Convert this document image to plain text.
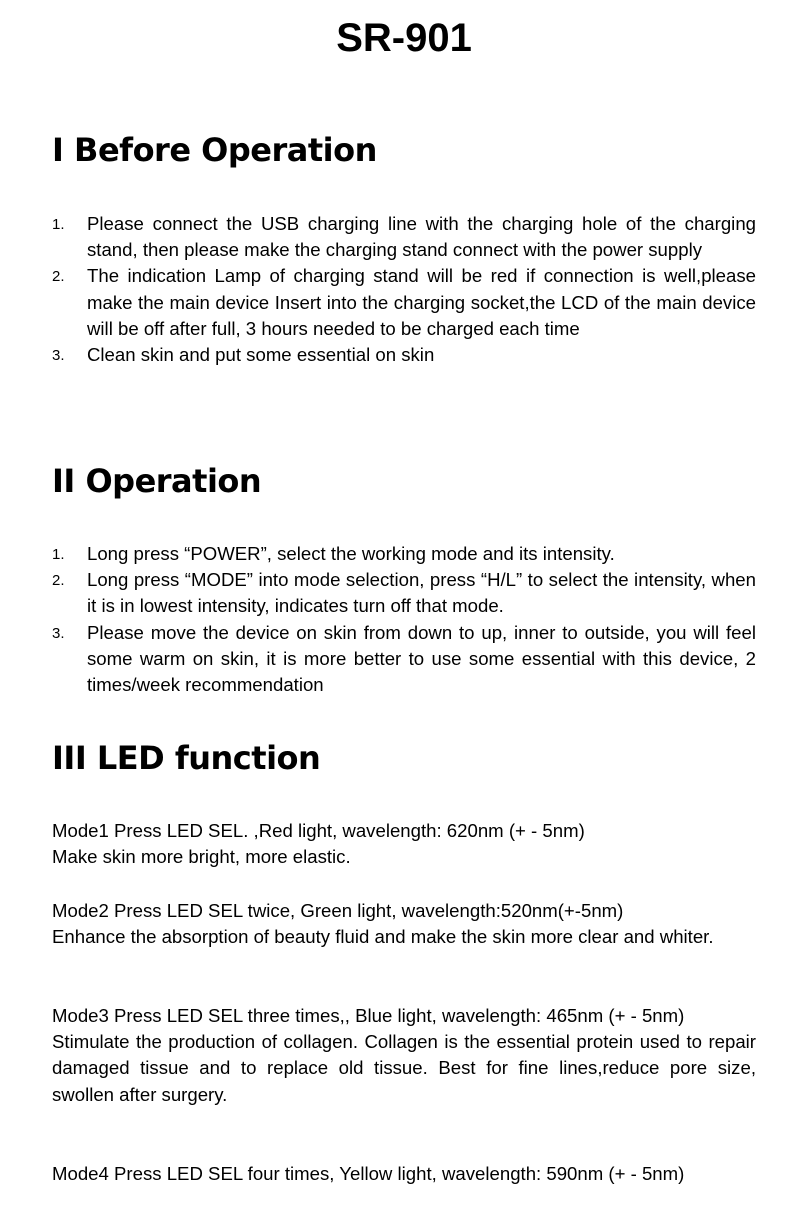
SR-901
I Before Operation
1. Please connect the USB charging line with the charging hole of the charging stand, then please make the charging stand connect with the power supply
2. The indication Lamp of charging stand will be red if connection is well,please make the main device Insert into the charging socket,the LCD of the main device will be off after full, 3 hours needed to be charged each time
3. Clean skin and put some essential on skin
II Operation
1. Long press “POWER”, select the working mode and its intensity.
2. Long press “MODE” into mode selection, press “H/L” to select the intensity, when it is in lowest intensity, indicates turn off that mode.
3. Please move the device on skin from down to up, inner to outside, you will feel some warm on skin, it is more better to use some essential with this device, 2 times/week recommendation
III LED function

Mode1 Press LED SEL. ,Red light, wavelength: 620nm (+ - 5nm)
Make skin more bright, more elastic.

Mode2 Press LED SEL twice, Green light, wavelength:520nm(+-5nm)
Enhance the absorption of beauty fluid and make the skin more clear and whiter.

Mode3 Press LED SEL three times,, Blue light, wavelength: 465nm (+ - 5nm)
Stimulate the production of collagen. Collagen is the essential protein used to repair damaged tissue and to replace old tissue. Best for fine lines,reduce pore size, swollen after surgery.

Mode4 Press LED SEL four times, Yellow light, wavelength: 590nm (+ - 5nm)
